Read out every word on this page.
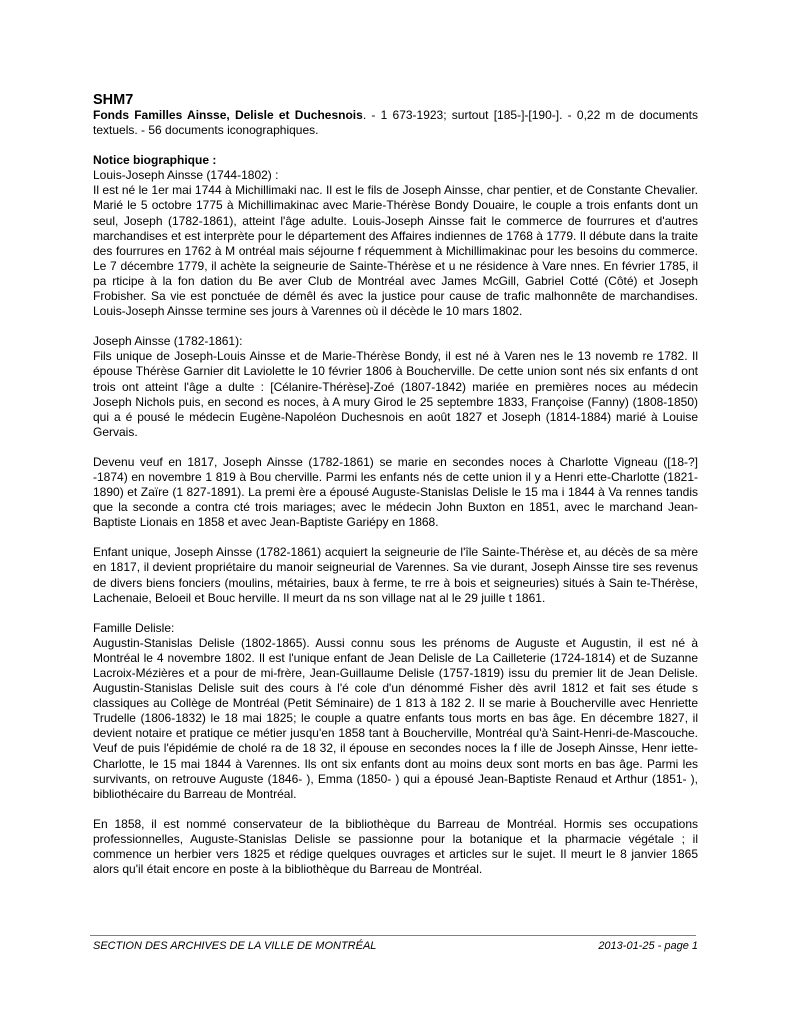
SHM7

Fonds Familles Ainsse, Delisle et Duchesnois. - 1 673-1923; surtout [185-]-[190-]. - 0,22 m de documents textuels. - 56 documents iconographiques.

Notice biographique :
Louis-Joseph Ainsse (1744-1802) :

Il est né le 1er mai 1744 à Michillimaki nac. Il est le fils de Joseph Ainsse, char pentier, et de Constante Chevalier. Marié le 5 octobre 1775 à Michillimakinac avec Marie-Thérèse Bondy Douaire, le couple a trois enfants dont un seul, Joseph (1782-1861), atteint l'âge adulte. Louis-Joseph Ainsse fait le commerce de fourrures et d'autres marchandises et est interprète pour le département des Affaires indiennes de 1768 à 1779. Il débute dans la traite des fourrures en 1762 à M ontréal mais séjourne f réquemment à Michillimakinac pour les besoins du commerce. Le 7 décembre 1779, il achète la seigneurie de Sainte-Thérèse et u ne résidence à Vare nnes. En février 1785, il pa rticipe à la fon dation du Be aver Club de Montréal avec James McGill, Gabriel Cotté (Côté) et Joseph Frobisher. Sa vie est ponctuée de démêl és avec la justice pour cause de trafic malhonnête de marchandises. Louis-Joseph Ainsse termine ses jours à Varennes où il décède le 10 mars 1802.

Joseph Ainsse (1782-1861):

Fils unique de Joseph-Louis Ainsse et de Marie-Thérèse Bondy, il est né à Varen nes le 13 novemb re 1782. Il épouse Thérèse Garnier dit Laviolette le 10 février 1806 à Boucherville. De cette union sont nés six enfants d ont trois ont atteint l'âge a dulte : [Célanire-Thérèse]-Zoé (1807-1842) mariée en premières noces au médecin Joseph Nichols puis, en second es noces, à A mury Girod le 25 septembre 1833, Françoise (Fanny) (1808-1850) qui a é pousé le médecin Eugène-Napoléon Duchesnois en août 1827 et Joseph (1814-1884) marié à Louise Gervais.

Devenu veuf en 1817, Joseph Ainsse (1782-1861) se marie en secondes noces à Charlotte Vigneau ([18-?] -1874) en novembre 1 819 à Bou cherville. Parmi les enfants nés de cette union il y a Henri ette-Charlotte (1821-1890) et Zaïre (1 827-1891). La premi ère a épousé Auguste-Stanislas Delisle le 15 ma i 1844 à Va rennes tandis que la seconde a contra cté trois mariages; avec le médecin John Buxton en 1851, avec le marchand Jean-Baptiste Lionais en 1858 et avec Jean-Baptiste Gariépy en 1868.

Enfant unique, Joseph Ainsse (1782-1861) acquiert la seigneurie de l'île Sainte-Thérèse et, au décès de sa mère en 1817, il devient propriétaire du manoir seigneurial de Varennes. Sa vie durant, Joseph Ainsse tire ses revenus de divers biens fonciers (moulins, métairies, baux à ferme, te rre à bois et seigneuries) situés à Sain te-Thérèse, Lachenaie, Beloeil et Bouc herville. Il meurt da ns son village nat al le 29 juille t 1861.

Famille Delisle:

Augustin-Stanislas Delisle (1802-1865). Aussi connu sous les prénoms de Auguste et Augustin, il est né à Montréal le 4 novembre 1802. Il est l'unique enfant de Jean Delisle de La Cailleterie (1724-1814) et de Suzanne Lacroix-Mézières et a pour de mi-frère, Jean-Guillaume Delisle (1757-1819) issu du premier lit de Jean Delisle. Augustin-Stanislas Delisle suit des cours à l'é cole d'un dénommé Fisher dès avril 1812 et fait ses étude s classiques au Collège de Montréal (Petit Séminaire) de 1 813 à 182 2. Il se marie à Boucherville avec Henriette Trudelle (1806-1832) le 18 mai 1825; le couple a quatre enfants tous morts en bas âge. En décembre 1827, il devient notaire et pratique ce métier jusqu'en 1858 tant à Boucherville, Montréal qu'à Saint-Henri-de-Mascouche. Veuf de puis l'épidémie de cholé ra de 18 32, il épouse en secondes noces la f ille de Joseph Ainsse, Henr iette-Charlotte, le 15 mai 1844 à Varennes. Ils ont six enfants dont au moins deux sont morts en bas âge. Parmi les survivants, on retrouve Auguste (1846- ), Emma (1850- ) qui a épousé Jean-Baptiste Renaud et Arthur (1851- ), bibliothécaire du Barreau de Montréal.

En 1858, il est nommé conservateur de la bibliothèque du Barreau de Montréal. Hormis ses occupations professionnelles, Auguste-Stanislas Delisle se passionne pour la botanique et la pharmacie végétale ; il commence un herbier vers 1825 et rédige quelques ouvrages et articles sur le sujet. Il meurt le 8 janvier 1865 alors qu'il était encore en poste à la bibliothèque du Barreau de Montréal.

SECTION DES ARCHIVES DE LA VILLE DE MONTRÉAL	2013-01-25 - page 1
